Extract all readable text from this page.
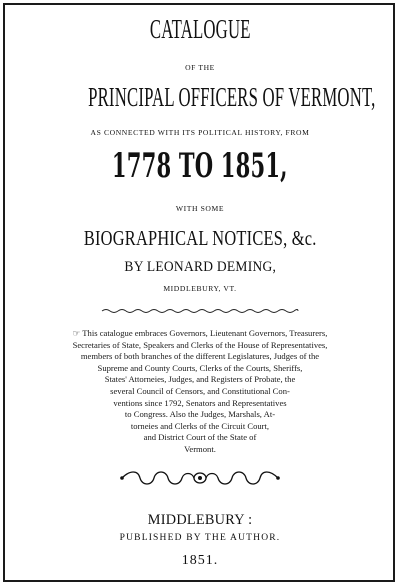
CATALOGUE
OF THE
PRINCIPAL OFFICERS OF VERMONT,
AS CONNECTED WITH ITS POLITICAL HISTORY, FROM
1778 TO 1851,
WITH SOME
BIOGRAPHICAL NOTICES, &c.
BY LEONARD DEMING,
MIDDLEBURY, VT.
☞ This catalogue embraces Governors, Lieutenant Governors, Treasurers,
Secretaries of State, Speakers and Clerks of the House of Representatives,
members of both branches of the different Legislatures, Judges of the
Supreme and County Courts, Clerks of the Courts, Sheriffs,
States' Attorneies, Judges, and Registers of Probate, the
several Council of Censors, and Constitutional Con-
ventions since 1792, Senators and Representatives
to Congress. Also the Judges, Marshals, At-
torneies and Clerks of the Circuit Court,
and District Court of the State of
Vermont.
MIDDLEBURY :
PUBLISHED BY THE AUTHOR.
1851.
